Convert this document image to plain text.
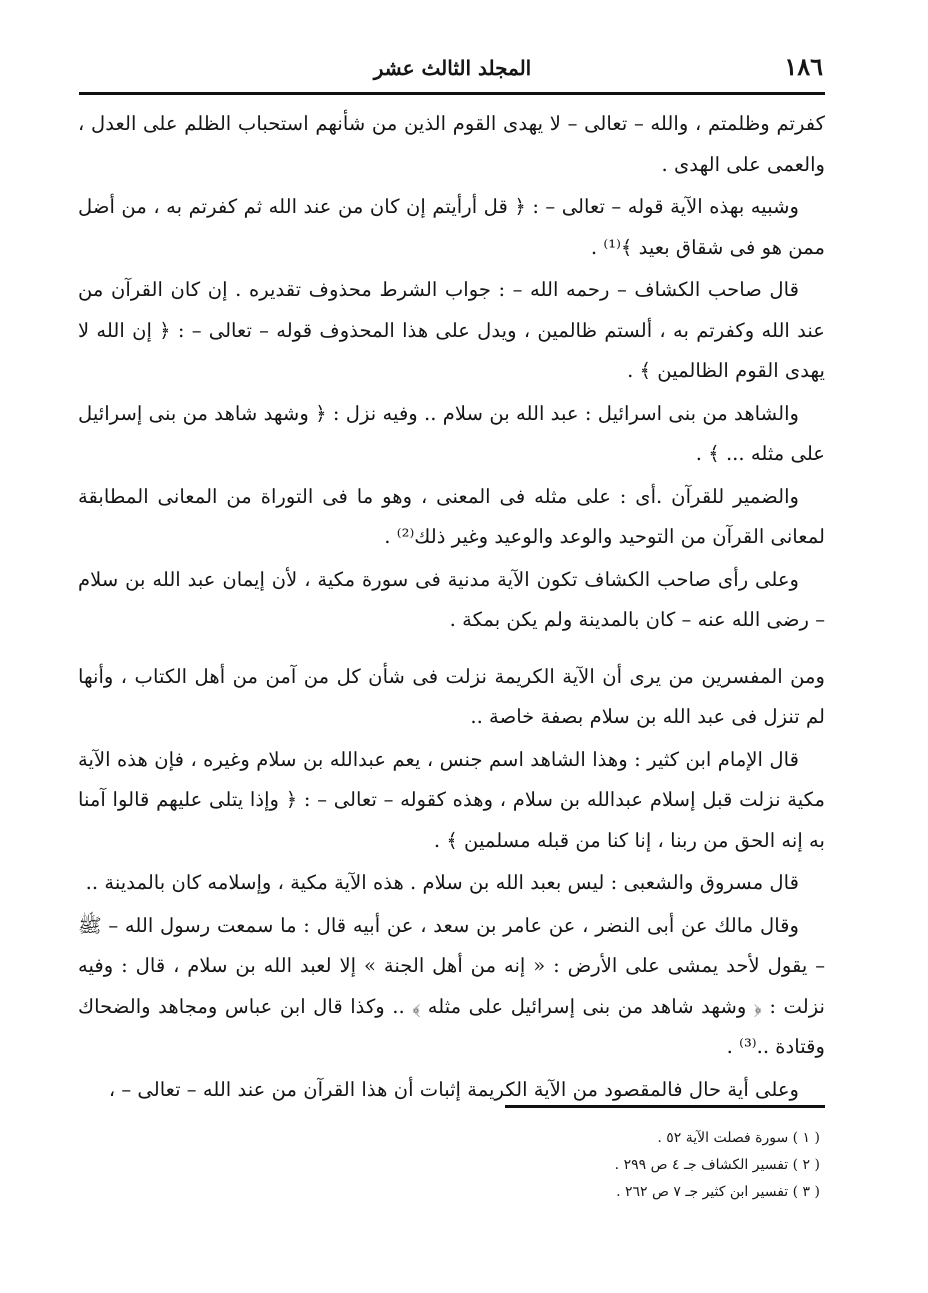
١٨٦
المجلد الثالث عشر

كفرتم وظلمتم ، والله – تعالى – لا يهدى القوم الذين من شأنهم استحباب الظلم على العدل ، والعمى على الهدى .

وشبيه بهذه الآية قوله – تعالى – : ﴿ قل أرأيتم إن كان من عند الله ثم كفرتم به ، من أضل ممن هو فى شقاق بعيد ﴾⁽¹⁾ .

قال صاحب الكشاف – رحمه الله – : جواب الشرط محذوف تقديره . إن كان القرآن من عند الله وكفرتم به ، ألستم ظالمين ، ويدل على هذا المحذوف قوله – تعالى – : ﴿ إن الله لا يهدى القوم الظالمين ﴾ .

والشاهد من بنى اسرائيل : عبد الله بن سلام .. وفيه نزل : ﴿ وشهد شاهد من بنى إسرائيل على مثله ... ﴾ .

والضمير للقرآن .أى : على مثله فى المعنى ، وهو ما فى التوراة من المعانى المطابقة لمعانى القرآن من التوحيد والوعد والوعيد وغير ذلك⁽²⁾ .

وعلى رأى صاحب الكشاف تكون الآية مدنية فى سورة مكية ، لأن إيمان عبد الله بن سلام – رضى الله عنه – كان بالمدينة ولم يكن بمكة .

ومن المفسرين من يرى أن الآية الكريمة نزلت فى شأن كل من آمن من أهل الكتاب ، وأنها لم تنزل فى عبد الله بن سلام بصفة خاصة ..

قال الإمام ابن كثير : وهذا الشاهد اسم جنس ، يعم عبدالله بن سلام وغيره ، فإن هذه الآية مكية نزلت قبل إسلام عبدالله بن سلام ، وهذه كقوله – تعالى – : ﴿ وإذا يتلى عليهم قالوا آمنا به إنه الحق من ربنا ، إنا كنا من قبله مسلمين ﴾ .

قال مسروق والشعبى : ليس بعبد الله بن سلام . هذه الآية مكية ، وإسلامه كان بالمدينة ..

وقال مالك عن أبى النضر ، عن عامر بن سعد ، عن أبيه قال : ما سمعت رسول الله – ﷺ – يقول لأحد يمشى على الأرض : « إنه من أهل الجنة » إلا لعبد الله بن سلام ، قال : وفيه نزلت : ﴿ وشهد شاهد من بنى إسرائيل على مثله ﴾ .. وكذا قال ابن عباس ومجاهد والضحاك وقتادة ..⁽³⁾ .

وعلى أية حال فالمقصود من الآية الكريمة إثبات أن هذا القرآن من عند الله – تعالى – ،

( ١ ) سورة فصلت الآية ٥٢ .

( ٢ ) تفسير الكشاف جـ ٤ ص ٢٩٩ .

( ٣ ) تفسير ابن كثير جـ ٧ ص ٢٦٢ .
